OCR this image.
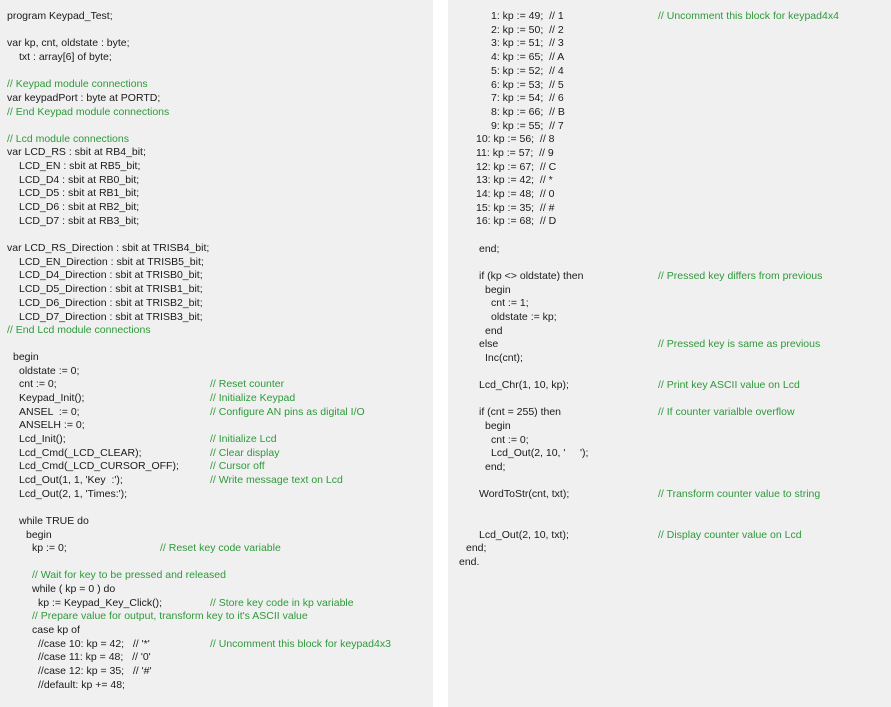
program Keypad_Test;
var kp, cnt, oldstate : byte;
txt : array[6] of byte;
// Keypad module connections
var keypadPort : byte at PORTD;
// End Keypad module connections
// Lcd module connections
var LCD_RS : sbit at RB4_bit;
LCD_EN : sbit at RB5_bit;
LCD_D4 : sbit at RB0_bit;
LCD_D5 : sbit at RB1_bit;
LCD_D6 : sbit at RB2_bit;
LCD_D7 : sbit at RB3_bit;
var LCD_RS_Direction : sbit at TRISB4_bit;
LCD_EN_Direction : sbit at TRISB5_bit;
LCD_D4_Direction : sbit at TRISB0_bit;
LCD_D5_Direction : sbit at TRISB1_bit;
LCD_D6_Direction : sbit at TRISB2_bit;
LCD_D7_Direction : sbit at TRISB3_bit;
// End Lcd module connections
begin
oldstate := 0;
cnt := 0;	// Reset counter
Keypad_Init();	// Initialize Keypad
ANSEL  := 0;	// Configure AN pins as digital I/O
ANSELH := 0;
Lcd_Init();	// Initialize Lcd
Lcd_Cmd(_LCD_CLEAR);	// Clear display
Lcd_Cmd(_LCD_CURSOR_OFF);	// Cursor off
Lcd_Out(1, 1, 'Key  :');	// Write message text on Lcd
Lcd_Out(2, 1, 'Times:');
while TRUE do
begin
kp := 0;	// Reset key code variable
// Wait for key to be pressed and released
while ( kp = 0 ) do
kp := Keypad_Key_Click();	// Store key code in kp variable
// Prepare value for output, transform key to it's ASCII value
case kp of
//case 10: kp = 42;   // '*'	// Uncomment this block for keypad4x3
//case 11: kp = 48;   // '0'
//case 12: kp = 35;   // '#'
//default: kp += 48;
1: kp := 49;  // 1	// Uncomment this block for keypad4x4
2: kp := 50;  // 2
3: kp := 51;  // 3
4: kp := 65;  // A
5: kp := 52;  // 4
6: kp := 53;  // 5
7: kp := 54;  // 6
8: kp := 66;  // B
9: kp := 55;  // 7
10: kp := 56;  // 8
11: kp := 57;  // 9
12: kp := 67;  // C
13: kp := 42;  // *
14: kp := 48;  // 0
15: kp := 35;  // #
16: kp := 68;  // D
end;
if (kp <> oldstate) then	// Pressed key differs from previous
begin
cnt := 1;
oldstate := kp;
end
else	// Pressed key is same as previous
Inc(cnt);
Lcd_Chr(1, 10, kp);	// Print key ASCII value on Lcd
if (cnt = 255) then	// If counter varialble overflow
begin
cnt := 0;
Lcd_Out(2, 10, '     ');
end;
WordToStr(cnt, txt);	// Transform counter value to string
Lcd_Out(2, 10, txt);	// Display counter value on Lcd
end;
end.
